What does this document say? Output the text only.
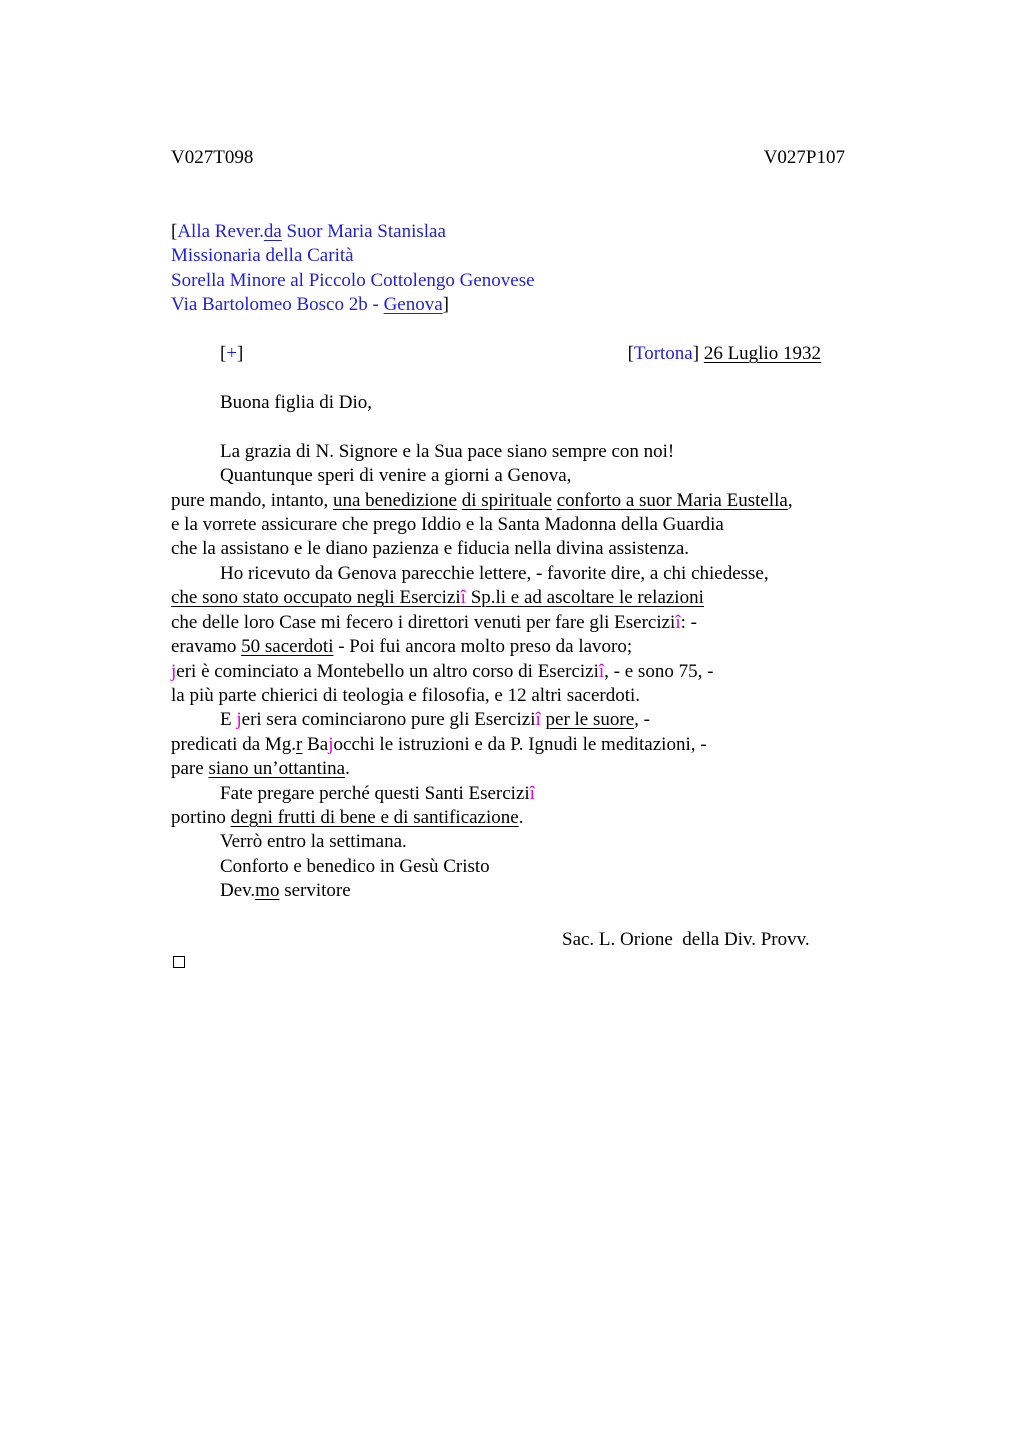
V027T098	V027P107
[Alla Rever.da Suor Maria Stanislaa
Missionaria della Carità
Sorella Minore al Piccolo Cottolengo Genovese
Via Bartolomeo Bosco 2b - Genova]
[+]	[Tortona] 26 Luglio 1932
Buona figlia di Dio,
La grazia di N. Signore e la Sua pace siano sempre con noi!
Quantunque speri di venire a giorni a Genova,
pure mando, intanto, una benedizione di spirituale conforto a suor Maria Eustella,
e la vorrete assicurare che prego Iddio e la Santa Madonna della Guardia
che la assistano e le diano pazienza e fiducia nella divina assistenza.
Ho ricevuto da Genova parecchie lettere, - favorite dire, a chi chiedesse,
che sono stato occupato negli Eserciziî Sp.li e ad ascoltare le relazioni
che delle loro Case mi fecero i direttori venuti per fare gli Eserciziî: -
eravamo 50 sacerdoti - Poi fui ancora molto preso da lavoro;
jeri è cominciato a Montebello un altro corso di Eserciziî, - e sono 75, -
la più parte chierici di teologia e filosofia, e 12 altri sacerdoti.
E jeri sera cominciarono pure gli Eserciziî per le suore, -
predicati da Mg.r Bajocchi le istruzioni e da P. Ignudi le meditazioni, -
pare siano un’ottantina.
Fate pregare perché questi Santi Eserciziî
portino degni frutti di bene e di santificazione.
Verrò entro la settimana.
Conforto e benedico in Gesù Cristo
Dev.mo servitore
Sac. L. Orione  della Div. Provv.
